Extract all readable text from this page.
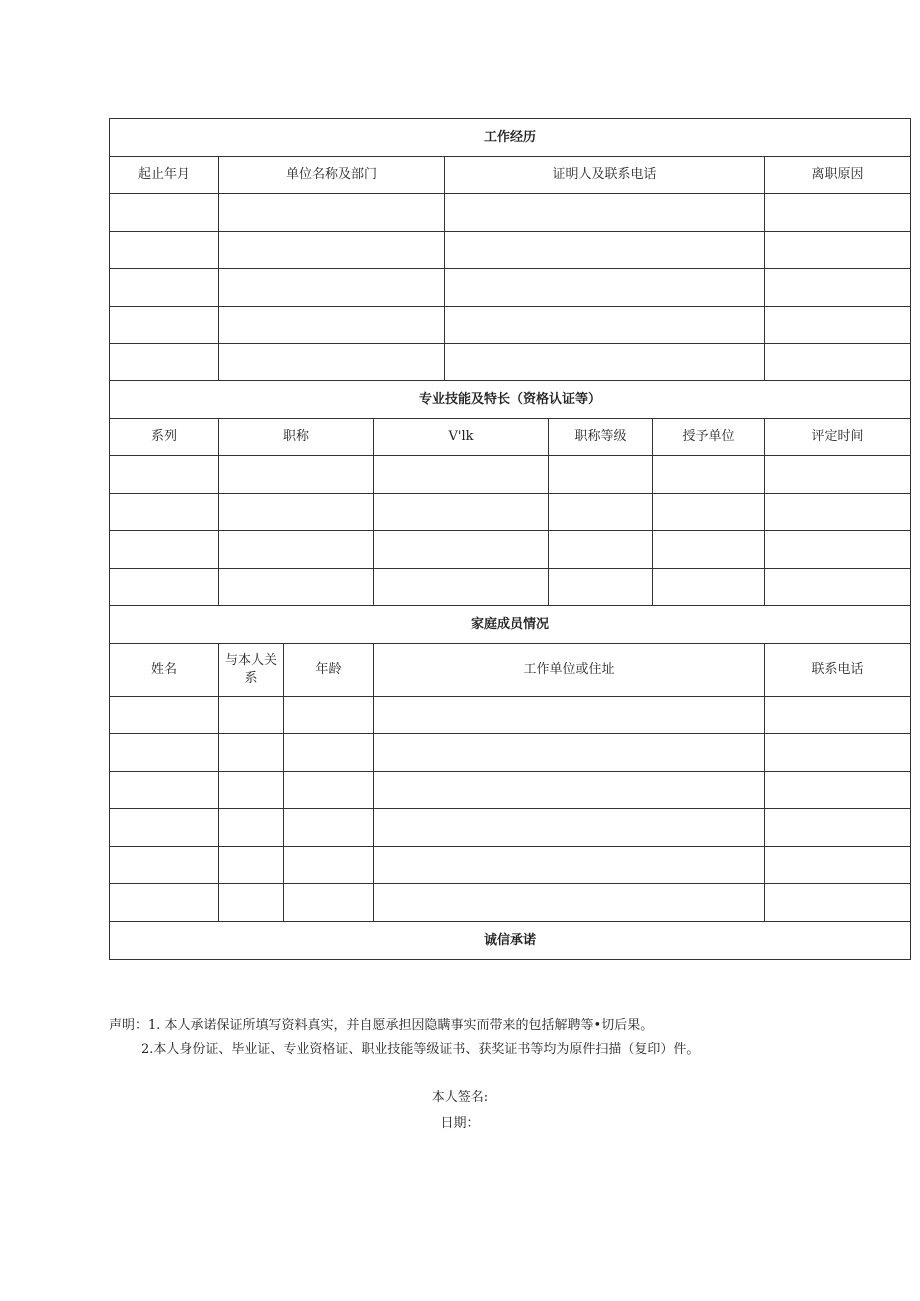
工作经历							
起止年月	单位名称及部门			证明人及联系电话			离职原因

专业技能及特长（资格认证等）							
系列	职称		V'lk		职称等级	授予单位	评定时间

家庭成员情况							
姓名	与本人关系	年龄	工作单位或住址				联系电话

诚信承诺							
声明：1. 本人承诺保证所填写资料真实，并自愿承担因隐瞒事实而带来的包括解聘等•切后果。
2.本人身份证、毕业证、专业资格证、职业技能等级证书、获奖证书等均为原件扫描（复印）件。
本人签名:
日期：
